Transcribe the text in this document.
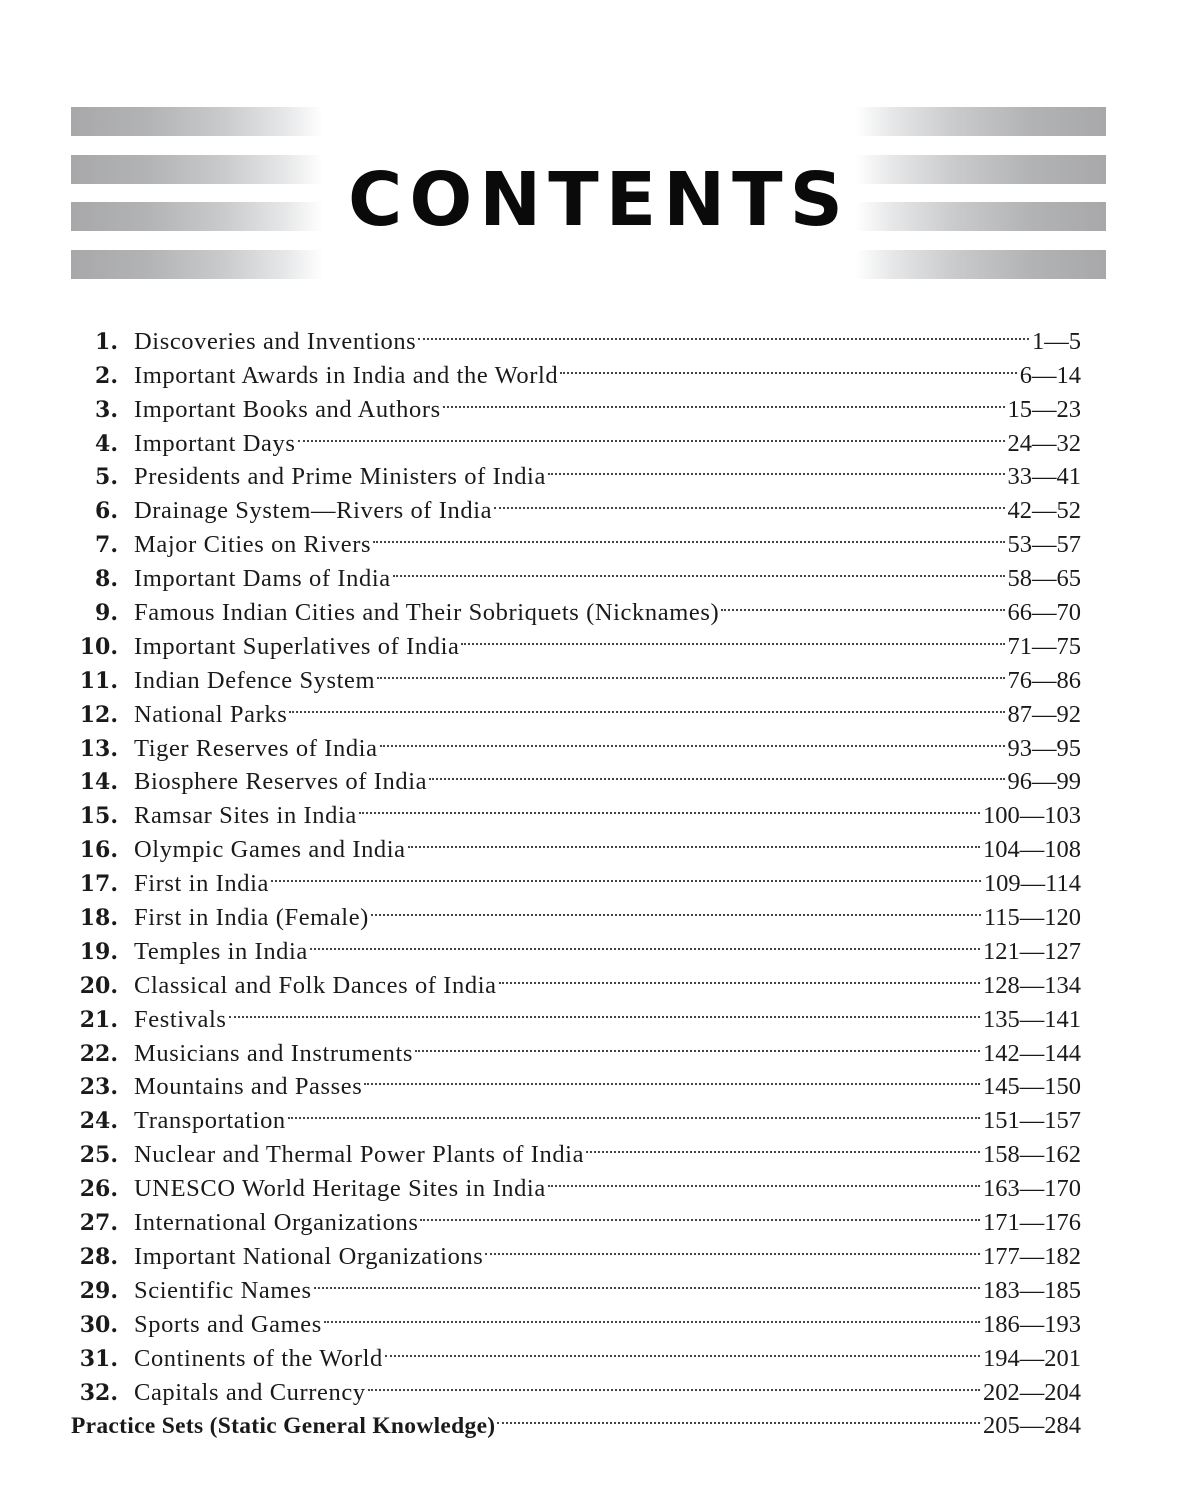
CONTENTS
1. Discoveries and Inventions	1—5
2. Important Awards in India and the World	6—14
3. Important Books and Authors	15—23
4. Important Days	24—32
5. Presidents and Prime Ministers of India	33—41
6. Drainage System—Rivers of India	42—52
7. Major Cities on Rivers	53—57
8. Important Dams of India	58—65
9. Famous Indian Cities and Their Sobriquets (Nicknames)	66—70
10. Important Superlatives of India	71—75
11. Indian Defence System	76—86
12. National Parks	87—92
13. Tiger Reserves of India	93—95
14. Biosphere Reserves of India	96—99
15. Ramsar Sites in India	100—103
16. Olympic Games and India	104—108
17. First in India	109—114
18. First in India (Female)	115—120
19. Temples in India	121—127
20. Classical and Folk Dances of India	128—134
21. Festivals	135—141
22. Musicians and Instruments	142—144
23. Mountains and Passes	145—150
24. Transportation	151—157
25. Nuclear and Thermal Power Plants of India	158—162
26. UNESCO World Heritage Sites in India	163—170
27. International Organizations	171—176
28. Important National Organizations	177—182
29. Scientific Names	183—185
30. Sports and Games	186—193
31. Continents of the World	194—201
32. Capitals and Currency	202—204
Practice Sets (Static General Knowledge)	205—284
